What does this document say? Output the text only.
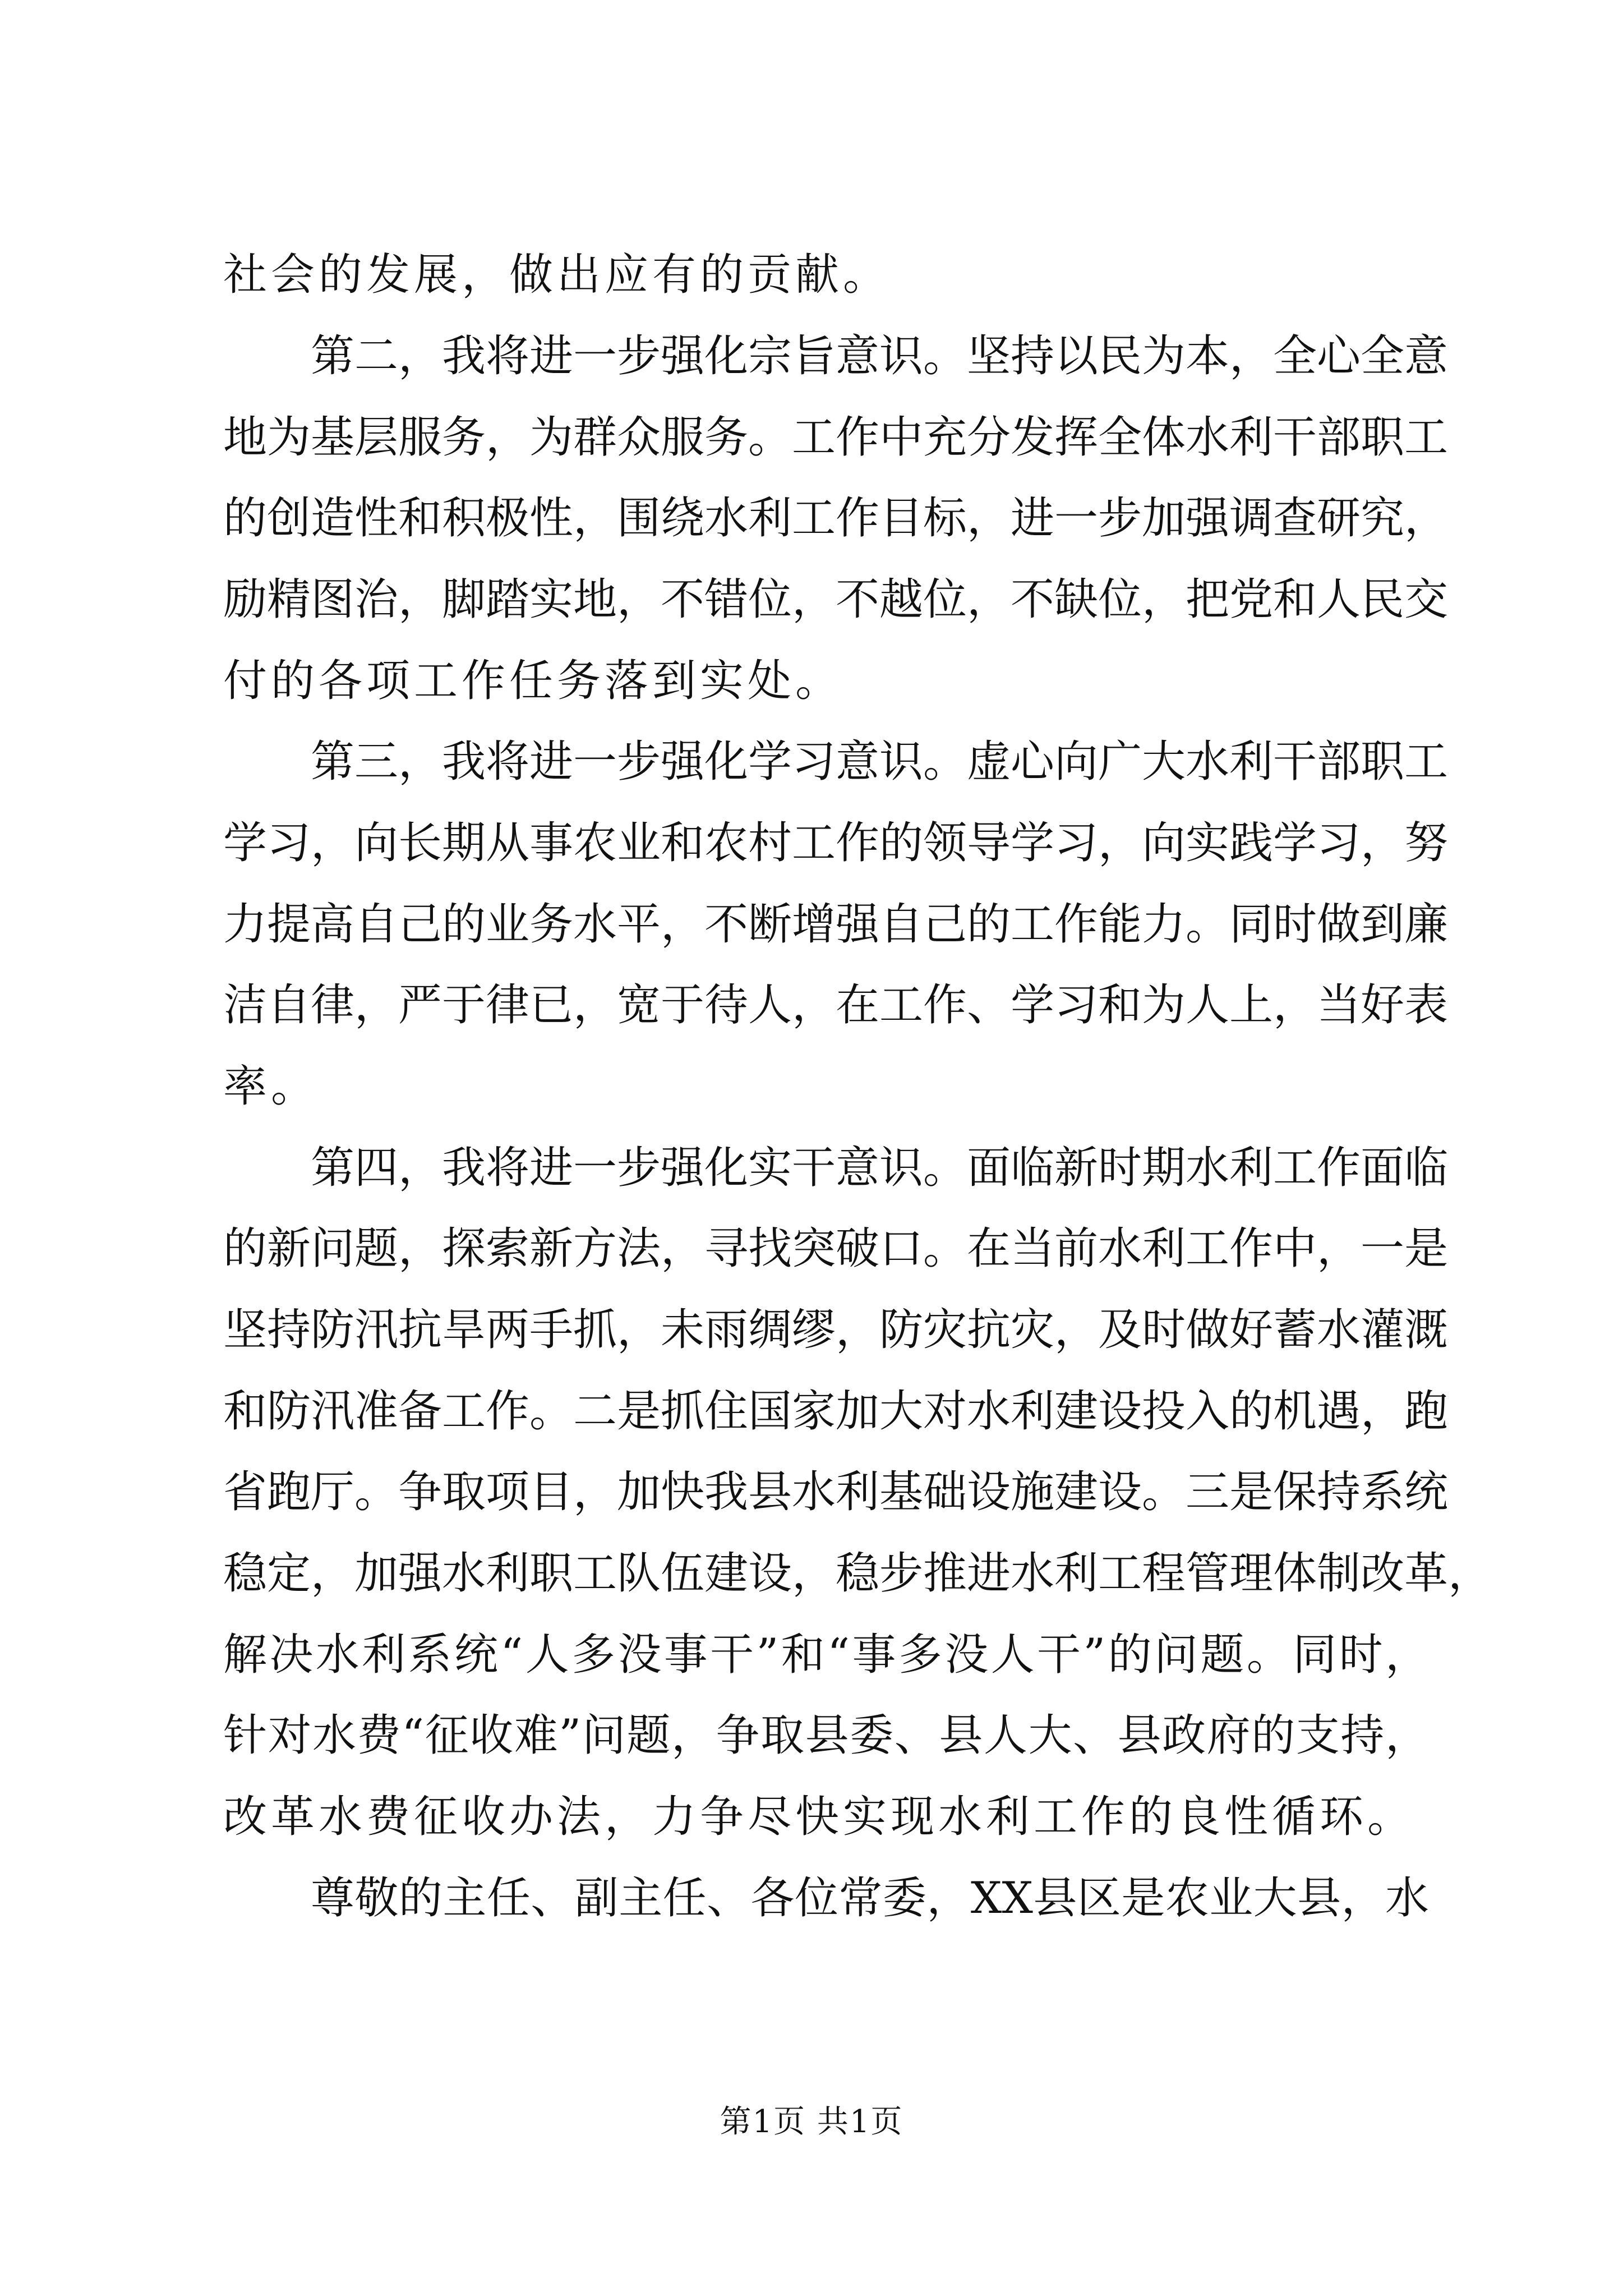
社会的发展，做出应有的贡献。
第二，我将进一步强化宗旨意识。坚持以民为本，全心全意
地为基层服务，为群众服务。工作中充分发挥全体水利干部职工
的创造性和积极性，围绕水利工作目标，进一步加强调查研究，
励精图治，脚踏实地，不错位，不越位，不缺位，把党和人民交
付的各项工作任务落到实处。
第三，我将进一步强化学习意识。虚心向广大水利干部职工
学习，向长期从事农业和农村工作的领导学习，向实践学习，努
力提高自己的业务水平，不断增强自己的工作能力。同时做到廉
洁自律，严于律已，宽于待人，在工作、学习和为人上，当好表
率。
第四，我将进一步强化实干意识。面临新时期水利工作面临
的新问题，探索新方法，寻找突破口。在当前水利工作中，一是
坚持防汛抗旱两手抓，未雨绸缪，防灾抗灾，及时做好蓄水灌溉
和防汛准备工作。二是抓住国家加大对水利建设投入的机遇，跑
省跑厅。争取项目，加快我县水利基础设施建设。三是保持系统
稳定，加强水利职工队伍建设，稳步推进水利工程管理体制改革，
解决水利系统“人多没事干”和“事多没人干”的问题。同时，
针对水费“征收难”问题，争取县委、县人大、县政府的支持，
改革水费征收办法，力争尽快实现水利工作的良性循环。
尊敬的主任、副主任、各位常委，XX县区是农业大县，水
第1页 共1页
